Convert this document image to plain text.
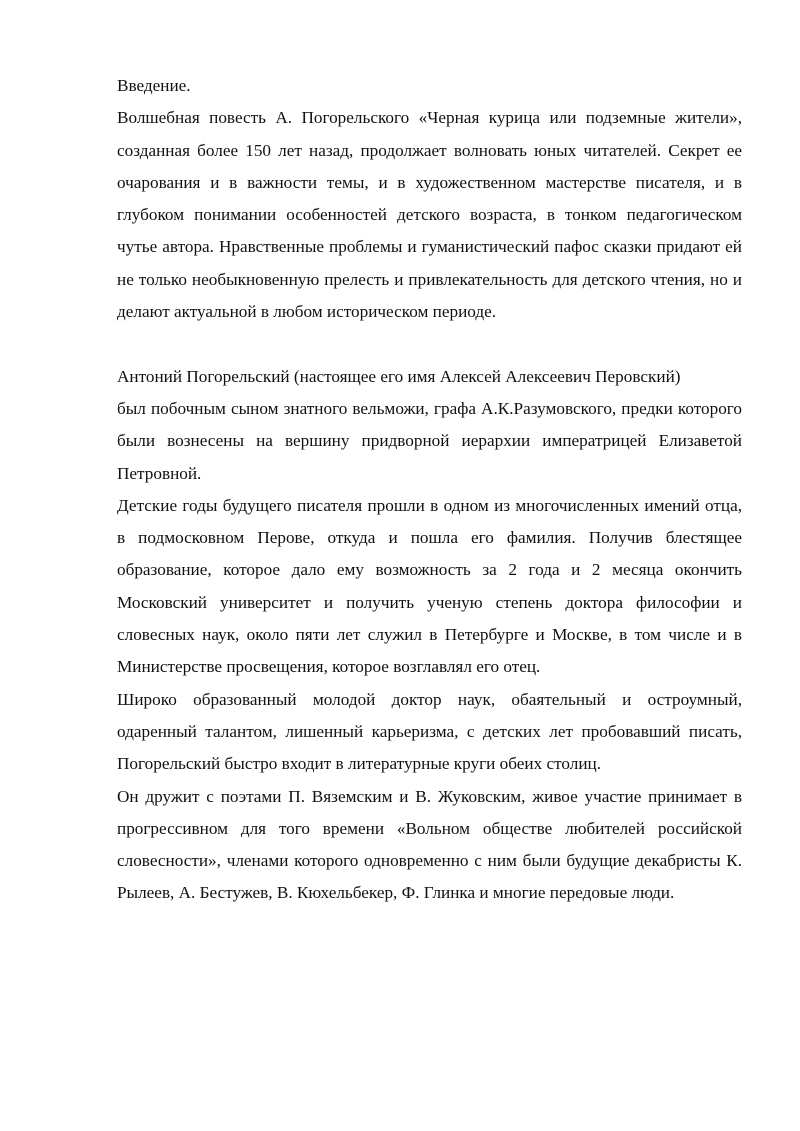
Введение.

Волшебная повесть А. Погорельского «Черная курица или подземные жители», созданная более 150 лет назад, продолжает волновать юных читателей. Секрет ее очарования и в важности темы, и в художественном мастерстве писателя, и в глубоком понимании особенностей детского возраста, в тонком педагогическом чутье автора. Нравственные проблемы и гуманистический пафос сказки придают ей не только необыкновенную прелесть и привлекательность для детского чтения, но и делают актуальной в любом историческом периоде.

Антоний Погорельский (настоящее его имя Алексей Алексеевич Перовский)

был побочным сыном знатного вельможи, графа А.К.Разумовского, предки которого были вознесены на вершину придворной иерархии императрицей Елизаветой Петровной.

Детские годы будущего писателя прошли в одном из многочисленных имений отца, в подмосковном Перове, откуда и пошла его фамилия. Получив блестящее образование, которое дало ему возможность за 2 года и 2 месяца окончить Московский университет и получить ученую степень доктора философии и словесных наук, около пяти лет служил в Петербурге и Москве, в том числе и в Министерстве просвещения, которое возглавлял его отец.

Широко образованный молодой доктор наук, обаятельный и остроумный, одаренный талантом, лишенный карьеризма, с детских лет пробовавший писать, Погорельский быстро входит в литературные круги обеих столиц.

Он дружит с поэтами П. Вяземским и В. Жуковским, живое участие принимает в прогрессивном для того времени «Вольном обществе любителей российской словесности», членами которого одновременно с ним были будущие декабристы К. Рылеев, А. Бестужев, В. Кюхельбекер, Ф. Глинка и многие передовые люди.
